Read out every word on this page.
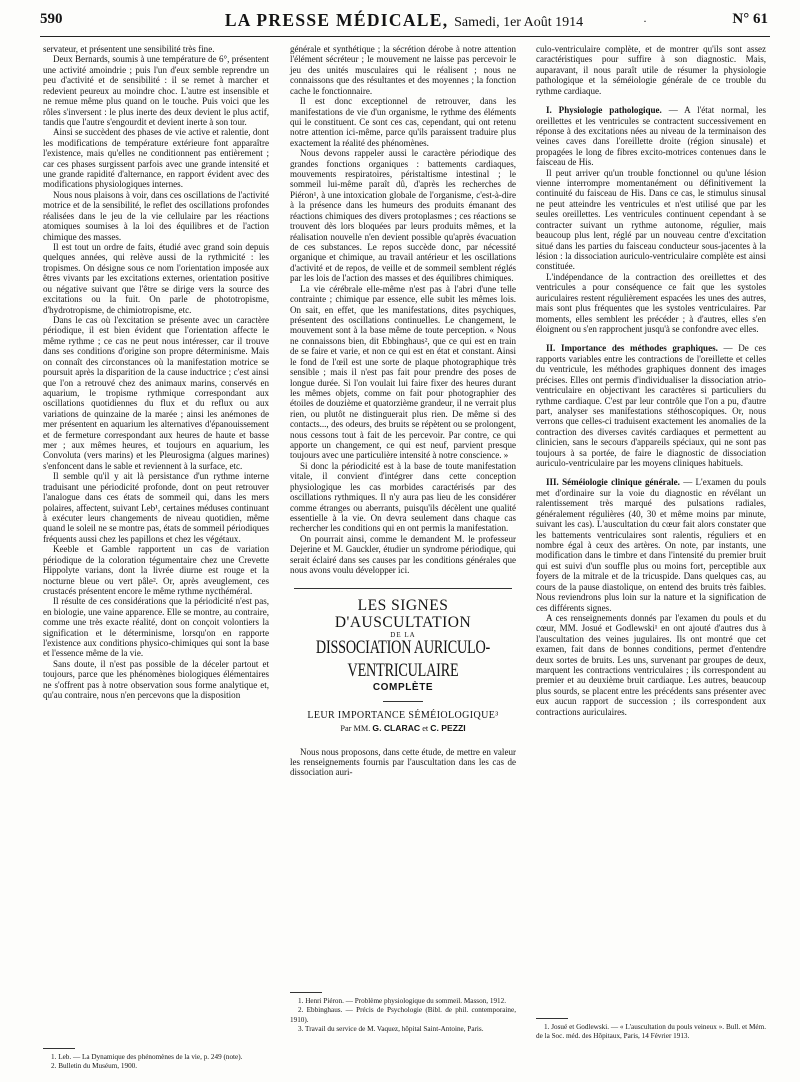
590	LA PRESSE MÉDICALE, Samedi, 1er Août 1914	·	N° 61

servateur, et présentent une sensibilité très fine.

Deux Bernards, soumis à une température de 6°, présentent une activité amoindrie ; puis l'un d'eux semble reprendre un peu d'activité et de sensibilité : il se remet à marcher et redevient peureux au moindre choc. L'autre est insensible et ne remue même plus quand on le touche. Puis voici que les rôles s'inversent : le plus inerte des deux devient le plus actif, tandis que l'autre s'engourdit et devient inerte à son tour.

Ainsi se succèdent des phases de vie active et ralentie, dont les modifications de température extérieure font apparaître l'existence, mais qu'elles ne conditionnent pas entièrement ; car ces phases surgissent parfois avec une grande intensité et une grande rapidité d'alternance, en rapport évident avec des modifications physiologiques internes.

Nous nous plaisons à voir, dans ces oscillations de l'activité motrice et de la sensibilité, le reflet des oscillations profondes réalisées dans le jeu de la vie cellulaire par les réactions atomiques soumises à la loi des équilibres et de l'action chimique des masses.

Il est tout un ordre de faits, étudié avec grand soin depuis quelques années, qui relève aussi de la rythmicité : les tropismes. On désigne sous ce nom l'orientation imposée aux êtres vivants par les excitations externes, orientation positive ou négative suivant que l'être se dirige vers la source des excitations ou la fuit. On parle de phototropisme, d'hydrotropisme, de chimiotropisme, etc.

Dans le cas où l'excitation se présente avec un caractère périodique, il est bien évident que l'orientation affecte le même rythme ; ce cas ne peut nous intéresser, car il trouve dans ses conditions d'origine son propre déterminisme. Mais on connaît des circonstances où la manifestation motrice se poursuit après la disparition de la cause inductrice ; c'est ainsi que l'on a retrouvé chez des animaux marins, conservés en aquarium, le tropisme rythmique correspondant aux oscillations quotidiennes du flux et du reflux ou aux variations de quinzaine de la marée ; ainsi les anémones de mer présentent en aquarium les alternatives d'épanouissement et de fermeture correspondant aux heures de haute et basse mer ; aux mêmes heures, et toujours en aquarium, les Convoluta (vers marins) et les Pleurosigma (algues marines) s'enfoncent dans le sable et reviennent à la surface, etc.

Il semble qu'il y ait là persistance d'un rythme interne traduisant une périodicité profonde, dont on peut retrouver l'analogue dans ces états de sommeil qui, dans les mers polaires, affectent, suivant Leb¹, certaines méduses continuant à exécuter leurs changements de niveau quotidien, même quand le soleil ne se montre pas, états de sommeil périodiques fréquents aussi chez les papillons et chez les végétaux.

Keeble et Gamble rapportent un cas de variation périodique de la coloration tégumentaire chez une Crevette Hippolyte varians, dont la livrée diurne est rouge et la nocturne bleue ou vert pâle². Or, après aveuglement, ces crustacés présentent encore le même rythme nycthéméral.

Il résulte de ces considérations que la périodicité n'est pas, en biologie, une vaine apparence. Elle se montre, au contraire, comme une très exacte réalité, dont on conçoit volontiers la signification et le déterminisme, lorsqu'on en rapporte l'existence aux conditions physico-chimiques qui sont la base et l'essence même de la vie.

Sans doute, il n'est pas possible de la déceler partout et toujours, parce que les phénomènes biologiques élémentaires ne s'offrent pas à notre observation sous forme analytique et, qu'au contraire, nous n'en percevons que la disposition

générale et synthétique ; la sécrétion dérobe à notre attention l'élément sécréteur ; le mouvement ne laisse pas percevoir le jeu des unités musculaires qui le réalisent ; nous ne connaissons que des résultantes et des moyennes ; la fonction cache le fonctionnaire.

Il est donc exceptionnel de retrouver, dans les manifestations de vie d'un organisme, le rythme des éléments qui le constituent. Ce sont ces cas, cependant, qui ont retenu notre attention ici-même, parce qu'ils paraissent traduire plus exactement la réalité des phénomènes.

Nous devons rappeler aussi le caractère périodique des grandes fonctions organiques : battements cardiaques, mouvements respiratoires, péristaltisme intestinal ; le sommeil lui-même paraît dû, d'après les recherches de Piéron¹, à une intoxication globale de l'organisme, c'est-à-dire à la présence dans les humeurs des produits émanant des réactions chimiques des divers protoplasmes ; ces réactions se trouvent dès lors bloquées par leurs produits mêmes, et la réalisation nouvelle n'en devient possible qu'après évacuation de ces substances. Le repos succède donc, par nécessité organique et chimique, au travail antérieur et les oscillations d'activité et de repos, de veille et de sommeil semblent réglés par les lois de l'action des masses et des équilibres chimiques.

La vie cérébrale elle-même n'est pas à l'abri d'une telle contrainte ; chimique par essence, elle subit les mêmes lois. On sait, en effet, que les manifestations, dites psychiques, présentent des oscillations continuelles. Le changement, le mouvement sont à la base même de toute perception. « Nous ne connaissons bien, dit Ebbinghaus², que ce qui est en train de se faire et varie, et non ce qui est en état et constant. Ainsi le fond de l'œil est une sorte de plaque photographique très sensible ; mais il n'est pas fait pour prendre des poses de longue durée. Si l'on voulait lui faire fixer des heures durant les mêmes objets, comme on fait pour photographier des étoiles de douzième et quatorzième grandeur, il ne verrait plus rien, ou plutôt ne distinguerait plus rien. De même si des contacts..., des odeurs, des bruits se répètent ou se prolongent, nous cessons tout à fait de les percevoir. Par contre, ce qui apporte un changement, ce qui est neuf, parvient presque toujours avec une particulière intensité à notre conscience. »

Si donc la périodicité est à la base de toute manifestation vitale, il convient d'intégrer dans cette conception physiologique les cas morbides caractérisés par des oscillations rythmiques. Il n'y aura pas lieu de les considérer comme étranges ou aberrants, puisqu'ils décèlent une qualité essentielle à la vie. On devra seulement dans chaque cas rechercher les conditions qui en ont permis la manifestation.

On pourrait ainsi, comme le demandent M. le professeur Dejerine et M. Gauckler, étudier un syndrome périodique, qui serait éclairé dans ses causes par les conditions générales que nous avons voulu développer ici.

LES SIGNES D'AUSCULTATION
DE LA
DISSOCIATION AURICULO-VENTRICULAIRE
COMPLÈTE
LEUR IMPORTANCE SÉMÉIOLOGIQUE³
Par MM. G. CLARAC et C. PEZZI

Nous nous proposons, dans cette étude, de mettre en valeur les renseignements fournis par l'auscultation dans les cas de dissociation auri-

culo-ventriculaire complète, et de montrer qu'ils sont assez caractéristiques pour suffire à son diagnostic. Mais, auparavant, il nous paraît utile de résumer la physiologie pathologique et la séméiologie générale de ce trouble du rythme cardiaque.

I. Physiologie pathologique. — A l'état normal, les oreillettes et les ventricules se contractent successivement en réponse à des excitations nées au niveau de la terminaison des veines caves dans l'oreillette droite (région sinusale) et propagées le long de fibres excito-motrices contenues dans le faisceau de His.

Il peut arriver qu'un trouble fonctionnel ou qu'une lésion vienne interrompre momentanément ou définitivement la continuité du faisceau de His. Dans ce cas, le stimulus sinusal ne peut atteindre les ventricules et n'est utilisé que par les seules oreillettes. Les ventricules continuent cependant à se contracter suivant un rythme autonome, régulier, mais beaucoup plus lent, réglé par un nouveau centre d'excitation situé dans les parties du faisceau conducteur sous-jacentes à la lésion : la dissociation auriculo-ventriculaire complète est ainsi constituée.

L'indépendance de la contraction des oreillettes et des ventricules a pour conséquence ce fait que les systoles auriculaires restent régulièrement espacées les unes des autres, mais sont plus fréquentes que les systoles ventriculaires. Par moments, elles semblent les précéder ; à d'autres, elles s'en éloignent ou s'en rapprochent jusqu'à se confondre avec elles.

II. Importance des méthodes graphiques. — De ces rapports variables entre les contractions de l'oreillette et celles du ventricule, les méthodes graphiques donnent des images précises. Elles ont permis d'individualiser la dissociation atrio-ventriculaire en objectivant les caractères si particuliers du rythme cardiaque. C'est par leur contrôle que l'on a pu, d'autre part, analyser ses manifestations stéthoscopiques. Or, nous verrons que celles-ci traduisent exactement les anomalies de la contraction des diverses cavités cardiaques et permettent au clinicien, sans le secours d'appareils spéciaux, qui ne sont pas toujours à sa portée, de faire le diagnostic de dissociation auriculo-ventriculaire par les moyens cliniques habituels.

III. Séméiologie clinique générale. — L'examen du pouls met d'ordinaire sur la voie du diagnostic en révélant un ralentissement très marqué des pulsations radiales, généralement régulières (40, 30 et même moins par minute, suivant les cas). L'auscultation du cœur fait alors constater que les battements ventriculaires sont ralentis, réguliers et en nombre égal à ceux des artères. On note, par instants, une modification dans le timbre et dans l'intensité du premier bruit qui est suivi d'un souffle plus ou moins fort, perceptible aux foyers de la mitrale et de la tricuspide. Dans quelques cas, au cours de la pause diastolique, on entend des bruits très faibles. Nous reviendrons plus loin sur la nature et la signification de ces différents signes.

A ces renseignements donnés par l'examen du pouls et du cœur, MM. Josué et Godlewski¹ en ont ajouté d'autres dus à l'auscultation des veines jugulaires. Ils ont montré que cet examen, fait dans de bonnes conditions, permet d'entendre deux sortes de bruits. Les uns, survenant par groupes de deux, marquent les contractions ventriculaires ; ils correspondent au premier et au deuxième bruit cardiaque. Les autres, beaucoup plus sourds, se placent entre les précédents sans présenter avec eux aucun rapport de succession ; ils correspondent aux contractions auriculaires.

1. Leb. — La Dynamique des phénomènes de la vie, p. 249 (note).
2. Bulletin du Muséum, 1900.
1. Henri Piéron. — Problème physiologique du sommeil. Masson, 1912.
2. Ebbinghaus. — Précis de Psychologie (Bibl. de phil. contemporaine, 1910).
3. Travail du service de M. Vaquez, hôpital Saint-Antoine, Paris.	1. Josué et Godlewski. — « L'auscultation du pouls veineux ». Bull. et Mém. de la Soc. méd. des Hôpitaux, Paris, 14 Février 1913.
